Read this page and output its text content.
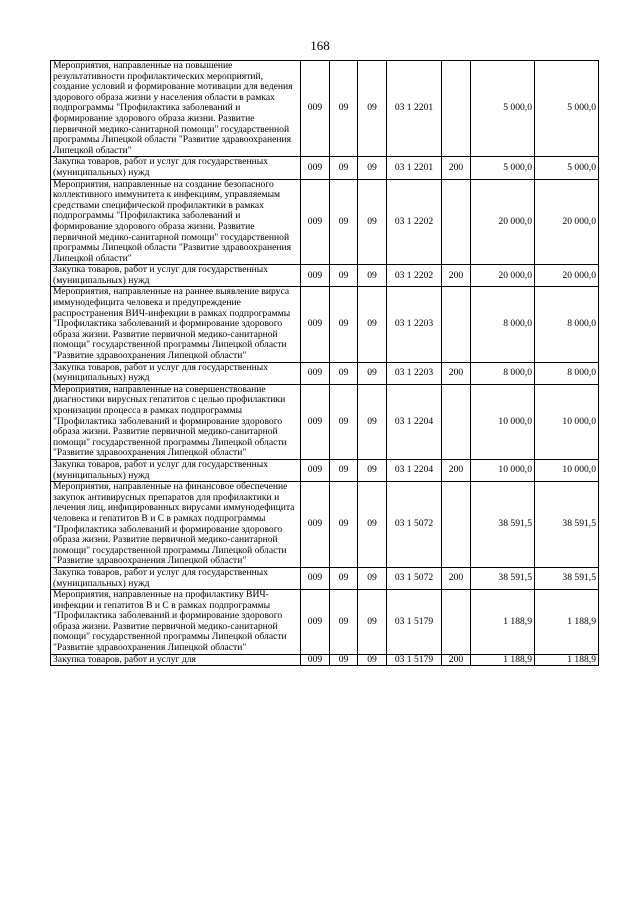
168
Мероприятия, направленные на повышение результативности профилактических мероприятий, создание условий и формирование мотивации для ведения здорового образа жизни у населения области в рамках подпрограммы "Профилактика заболеваний и формирование здорового образа жизни. Развитие первичной медико-санитарной помощи" государственной программы Липецкой области "Развитие здравоохранения Липецкой области"	009	09	09	03 1 2201		5 000,0	5 000,0
Закупка товаров, работ и услуг для государственных (муниципальных) нужд	009	09	09	03 1 2201	200	5 000,0	5 000,0
Мероприятия, направленные на создание безопасного коллективного иммунитета к инфекциям, управляемым средствами специфической профилактики в рамках подпрограммы "Профилактика заболеваний и формирование здорового образа жизни. Развитие первичной медико-санитарной помощи" государственной программы Липецкой области "Развитие здравоохранения Липецкой области"	009	09	09	03 1 2202		20 000,0	20 000,0
Закупка товаров, работ и услуг для государственных (муниципальных) нужд	009	09	09	03 1 2202	200	20 000,0	20 000,0
Мероприятия, направленные на раннее выявление вируса иммунодефицита человека и предупреждение распространения ВИЧ-инфекции в рамках подпрограммы "Профилактика заболеваний и формирование здорового образа жизни. Развитие первичной медико-санитарной помощи" государственной программы Липецкой области "Развитие здравоохранения Липецкой области"	009	09	09	03 1 2203		8 000,0	8 000,0
Закупка товаров, работ и услуг для государственных (муниципальных) нужд	009	09	09	03 1 2203	200	8 000,0	8 000,0
Мероприятия, направленные на совершенствование диагностики вирусных гепатитов с целью профилактики хронизации процесса в рамках подпрограммы "Профилактика заболеваний и формирование здорового образа жизни. Развитие первичной медико-санитарной помощи" государственной программы Липецкой области "Развитие здравоохранения Липецкой области"	009	09	09	03 1 2204		10 000,0	10 000,0
Закупка товаров, работ и услуг для государственных (муниципальных) нужд	009	09	09	03 1 2204	200	10 000,0	10 000,0
Мероприятия, направленные на финансовое обеспечение закупок антивирусных препаратов для профилактики и лечения лиц, инфицированных вирусами иммунодефицита человека и гепатитов В и С в рамках подпрограммы "Профилактика заболеваний и формирование здорового образа жизни. Развитие первичной медико-санитарной помощи" государственной программы Липецкой области "Развитие здравоохранения Липецкой области"	009	09	09	03 1 5072		38 591,5	38 591,5
Закупка товаров, работ и услуг для государственных (муниципальных) нужд	009	09	09	03 1 5072	200	38 591,5	38 591,5
Мероприятия, направленные на профилактику ВИЧ-инфекции и гепатитов В и С в рамках подпрограммы "Профилактика заболеваний и формирование здорового образа жизни. Развитие первичной медико-санитарной помощи" государственной программы Липецкой области "Развитие здравоохранения Липецкой области"	009	09	09	03 1 5179		1 188,9	1 188,9
Закупка товаров, работ и услуг для	009	09	09	03 1 5179	200	1 188,9	1 188,9
